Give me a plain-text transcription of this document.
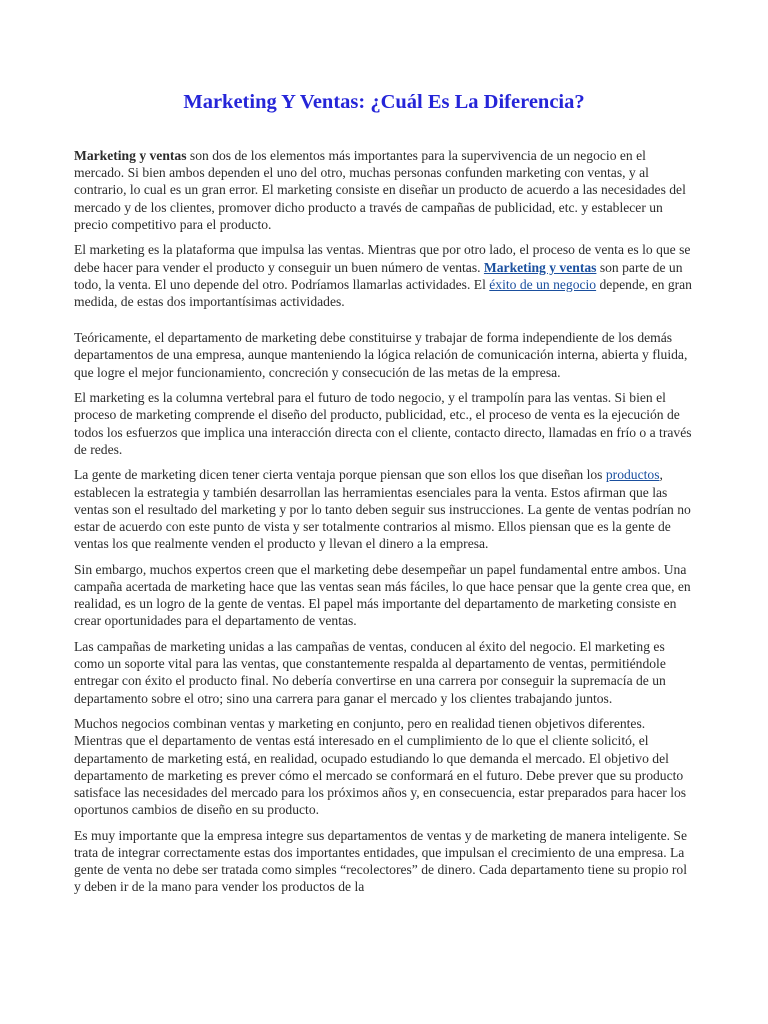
Marketing Y Ventas: ¿Cuál Es La Diferencia?

Marketing y ventas son dos de los elementos más importantes para la supervivencia de un negocio en el mercado. Si bien ambos dependen el uno del otro, muchas personas confunden marketing con ventas, y al contrario, lo cual es un gran error. El marketing consiste en diseñar un producto de acuerdo a las necesidades del mercado y de los clientes, promover dicho producto a través de campañas de publicidad, etc. y establecer un precio competitivo para el producto.

El marketing es la plataforma que impulsa las ventas. Mientras que por otro lado, el proceso de venta es lo que se debe hacer para vender el producto y conseguir un buen número de ventas. Marketing y ventas son parte de un todo, la venta. El uno depende del otro. Podríamos llamarlas actividades. El éxito de un negocio depende, en gran medida, de estas dos importantísimas actividades.

Teóricamente, el departamento de marketing debe constituirse y trabajar de forma independiente de los demás departamentos de una empresa, aunque manteniendo la lógica relación de comunicación interna, abierta y fluida, que logre el mejor funcionamiento, concreción y consecución de las metas de la empresa.

El marketing es la columna vertebral para el futuro de todo negocio, y el trampolín para las ventas. Si bien el proceso de marketing comprende el diseño del producto, publicidad, etc., el proceso de venta es la ejecución de todos los esfuerzos que implica una interacción directa con el cliente, contacto directo, llamadas en frío o a través de redes.

La gente de marketing dicen tener cierta ventaja porque piensan que son ellos los que diseñan los productos, establecen la estrategia y también desarrollan las herramientas esenciales para la venta. Estos afirman que las ventas son el resultado del marketing y por lo tanto deben seguir sus instrucciones. La gente de ventas podrían no estar de acuerdo con este punto de vista y ser totalmente contrarios al mismo. Ellos piensan que es la gente de ventas los que realmente venden el producto y llevan el dinero a la empresa.

Sin embargo, muchos expertos creen que el marketing debe desempeñar un papel fundamental entre ambos. Una campaña acertada de marketing hace que las ventas sean más fáciles, lo que hace pensar que la gente crea que, en realidad, es un logro de la gente de ventas. El papel más importante del departamento de marketing consiste en crear oportunidades para el departamento de ventas.

Las campañas de marketing unidas a las campañas de ventas, conducen al éxito del negocio. El marketing es como un soporte vital para las ventas, que constantemente respalda al departamento de ventas, permitiéndole entregar con éxito el producto final. No debería convertirse en una carrera por conseguir la supremacía de un departamento sobre el otro; sino una carrera para ganar el mercado y los clientes trabajando juntos.

Muchos negocios combinan ventas y marketing en conjunto, pero en realidad tienen objetivos diferentes. Mientras que el departamento de ventas está interesado en el cumplimiento de lo que el cliente solicitó, el departamento de marketing está, en realidad, ocupado estudiando lo que demanda el mercado. El objetivo del departamento de marketing es prever cómo el mercado se conformará en el futuro. Debe prever que su producto satisface las necesidades del mercado para los próximos años y, en consecuencia, estar preparados para hacer los oportunos cambios de diseño en su producto.

Es muy importante que la empresa integre sus departamentos de ventas y de marketing de manera inteligente. Se trata de integrar correctamente estas dos importantes entidades, que impulsan el crecimiento de una empresa. La gente de venta no debe ser tratada como simples “recolectores” de dinero. Cada departamento tiene su propio rol y deben ir de la mano para vender los productos de la
